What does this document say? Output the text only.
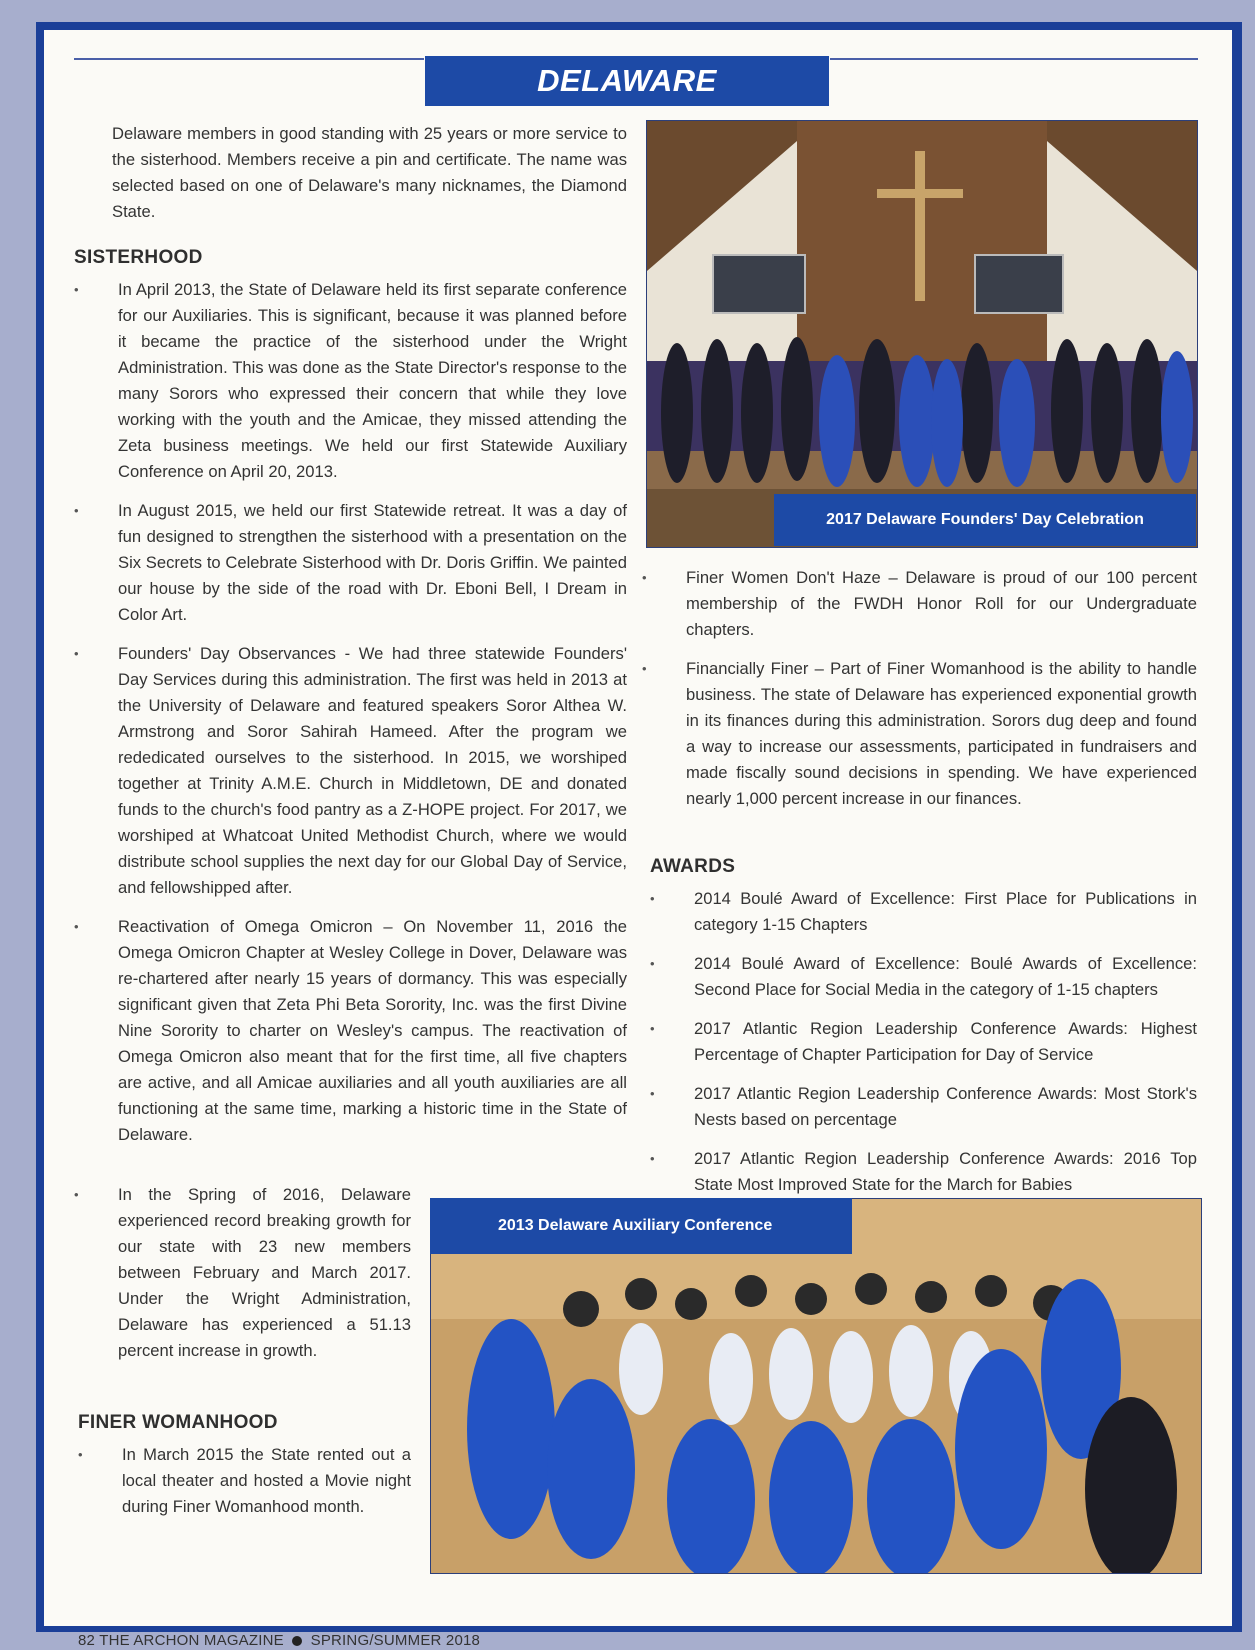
DELAWARE

Delaware members in good standing with 25 years or more service to the sisterhood. Members receive a pin and certificate. The name was selected based on one of Delaware's many nicknames, the Diamond State.

SISTERHOOD
• In April 2013, the State of Delaware held its first separate conference for our Auxiliaries. This is significant, because it was planned before it became the practice of the sisterhood under the Wright Administration. This was done as the State Director's response to the many Sorors who expressed their concern that while they love working with the youth and the Amicae, they missed attending the Zeta business meetings. We held our first Statewide Auxiliary Conference on April 20, 2013.
• In August 2015, we held our first Statewide retreat. It was a day of fun designed to strengthen the sisterhood with a presentation on the Six Secrets to Celebrate Sisterhood with Dr. Doris Griffin. We painted our house by the side of the road with Dr. Eboni Bell, I Dream in Color Art.
• Founders' Day Observances - We had three statewide Founders' Day Services during this administration. The first was held in 2013 at the University of Delaware and featured speakers Soror Althea W. Armstrong and Soror Sahirah Hameed. After the program we rededicated ourselves to the sisterhood. In 2015, we worshiped together at Trinity A.M.E. Church in Middletown, DE and donated funds to the church's food pantry as a Z-HOPE project. For 2017, we worshiped at Whatcoat United Methodist Church, where we would distribute school supplies the next day for our Global Day of Service, and fellowshipped after.
• Reactivation of Omega Omicron – On November 11, 2016 the Omega Omicron Chapter at Wesley College in Dover, Delaware was re-chartered after nearly 15 years of dormancy. This was especially significant given that Zeta Phi Beta Sorority, Inc. was the first Divine Nine Sorority to charter on Wesley's campus. The reactivation of Omega Omicron also meant that for the first time, all five chapters are active, and all Amicae auxiliaries and all youth auxiliaries are all functioning at the same time, marking a historic time in the State of Delaware.
• In the Spring of 2016, Delaware experienced record breaking growth for our state with 23 new members between February and March 2017. Under the Wright Administration, Delaware has experienced a 51.13 percent increase in growth.
FINER WOMANHOOD
• In March 2015 the State rented out a local theater and hosted a Movie night during Finer Womanhood month.
2017 Delaware Founders' Day Celebration
• Finer Women Don't Haze – Delaware is proud of our 100 percent membership of the FWDH Honor Roll for our Undergraduate chapters.
• Financially Finer – Part of Finer Womanhood is the ability to handle business. The state of Delaware has experienced exponential growth in its finances during this administration. Sorors dug deep and found a way to increase our assessments, participated in fundraisers and made fiscally sound decisions in spending. We have experienced nearly 1,000 percent increase in our finances.
AWARDS
• 2014 Boulé Award of Excellence: First Place for Publications in category 1-15 Chapters
• 2014 Boulé Award of Excellence: Boulé Awards of Excellence: Second Place for Social Media in the category of 1-15 chapters
• 2017 Atlantic Region Leadership Conference Awards: Highest Percentage of Chapter Participation for Day of Service
• 2017 Atlantic Region Leadership Conference Awards: Most Stork's Nests based on percentage
• 2017 Atlantic Region Leadership Conference Awards: 2016 Top State Most Improved State for the March for Babies
2013 Delaware Auxiliary Conference
82 THE ARCHON MAGAZINE SPRING/SUMMER 2018
